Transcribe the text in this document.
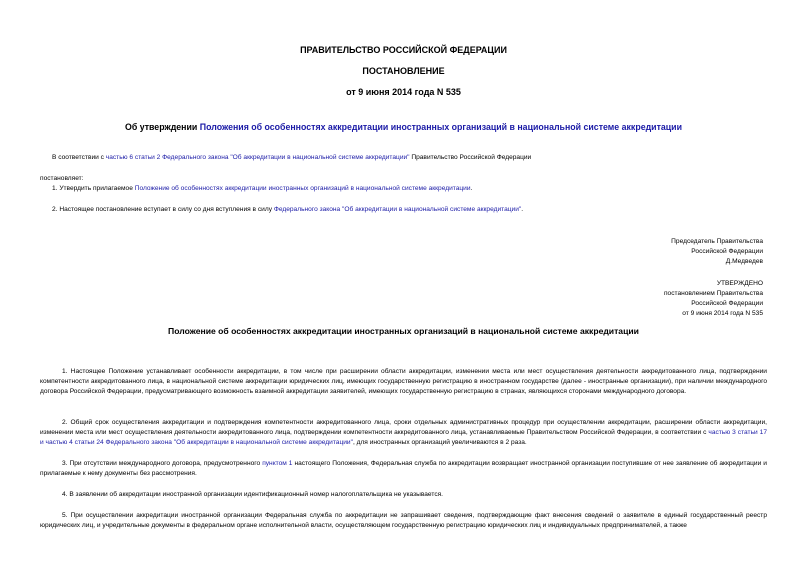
ПРАВИТЕЛЬСТВО РОССИЙСКОЙ ФЕДЕРАЦИИ
ПОСТАНОВЛЕНИЕ
от 9 июня 2014 года N 535
Об утверждении Положения об особенностях аккредитации иностранных организаций в национальной системе аккредитации
В соответствии с частью 6 статьи 2 Федерального закона "Об аккредитации в национальной системе аккредитации" Правительство Российской Федерации
постановляет:
1. Утвердить прилагаемое Положение об особенностях аккредитации иностранных организаций в национальной системе аккредитации.
2. Настоящее постановление вступает в силу со дня вступления в силу Федерального закона "Об аккредитации в национальной системе аккредитации".
Председатель Правительства
Российской Федерации
Д.Медведев
УТВЕРЖДЕНО
постановлением Правительства
Российской Федерации
от 9 июня 2014 года N 535
Положение об особенностях аккредитации иностранных организаций в национальной системе аккредитации
1. Настоящее Положение устанавливает особенности аккредитации, в том числе при расширении области аккредитации, изменении места или мест осуществления деятельности аккредитованного лица, подтверждении компетентности аккредитованного лица, в национальной системе аккредитации юридических лиц, имеющих государственную регистрацию в иностранном государстве (далее - иностранные организации), при наличии международного договора Российской Федерации, предусматривающего возможность взаимной аккредитации заявителей, имеющих государственную регистрацию в странах, являющихся сторонами международного договора.
2. Общий срок осуществления аккредитации и подтверждения компетентности аккредитованного лица, сроки отдельных административных процедур при осуществлении аккредитации, расширении области аккредитации, изменении места или мест осуществления деятельности аккредитованного лица, подтверждении компетентности аккредитованного лица, устанавливаемые Правительством Российской Федерации, в соответствии с частью 3 статьи 17 и частью 4 статьи 24 Федерального закона "Об аккредитации в национальной системе аккредитации", для иностранных организаций увеличиваются в 2 раза.
3. При отсутствии международного договора, предусмотренного пунктом 1 настоящего Положения, Федеральная служба по аккредитации возвращает иностранной организации поступившие от нее заявление об аккредитации и прилагаемые к нему документы без рассмотрения.
4. В заявлении об аккредитации иностранной организации идентификационный номер налогоплательщика не указывается.
5. При осуществлении аккредитации иностранной организации Федеральная служба по аккредитации не запрашивает сведения, подтверждающие факт внесения сведений о заявителе в единый государственный реестр юридических лиц, и учредительные документы в федеральном органе исполнительной власти, осуществляющем государственную регистрацию юридических лиц и индивидуальных предпринимателей, а также
